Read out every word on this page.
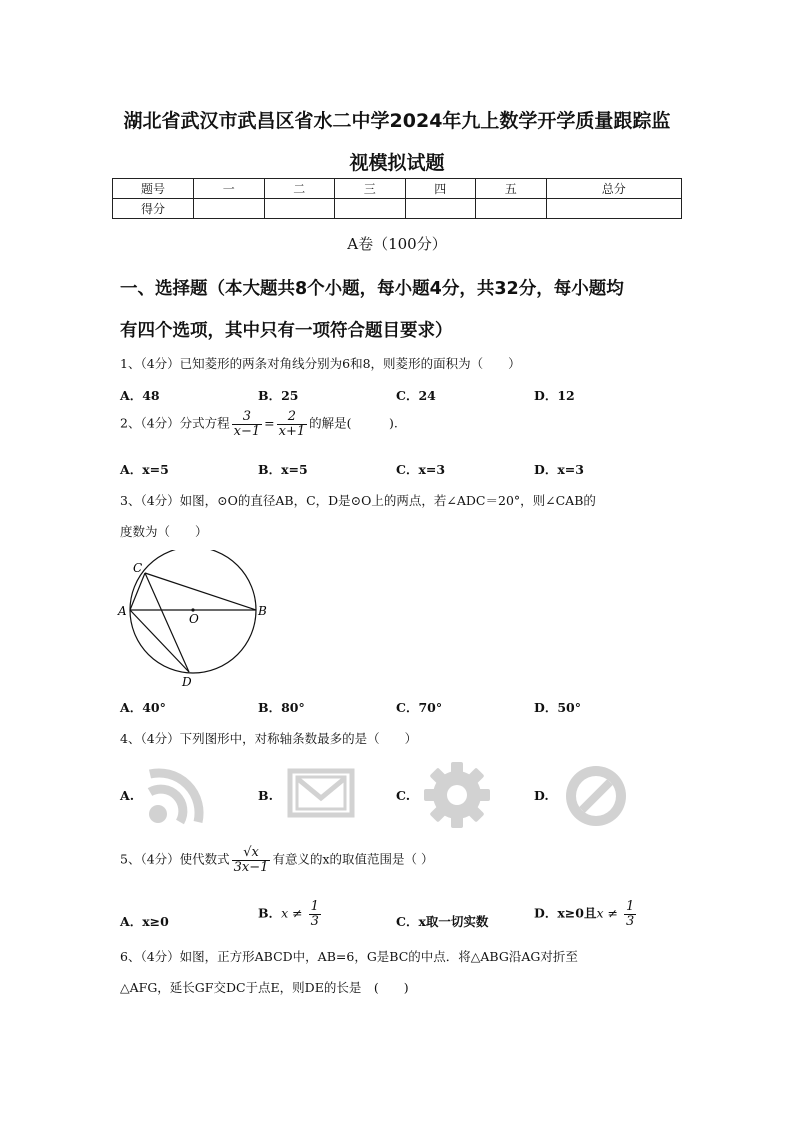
湖北省武汉市武昌区省水二中学2024年九上数学开学质量跟踪监
视模拟试题
题号	一	二	三	四	五	总分
得分						
A卷（100分）
一、选择题（本大题共8个小题，每小题4分，共32分，每小题均
有四个选项，其中只有一项符合题目要求）
1、（4分）已知菱形的两条对角线分别为6和8，则菱形的面积为（　　）
A．48	B．25	C．24	D．12
2、（4分）分式方程 $\frac{3}{x-1} = \frac{2}{x+1}$ 的解是(　　　).
A．x=5	B．x=5	C．x=3	D．x=3
3、（4分）如图，⊙O的直径AB，C，D是⊙O上的两点，若∠ADC＝20°，则∠CAB的
度数为（　　）
C
A	B
O
D
A．40°	B．80°	C．70°	D．50°
4、（4分）下列图形中，对称轴条数最多的是（　　）
A.	B.	C.	D.
5、（4分）使代数式 $\frac{√x}{3x-1}$ 有意义的x的取值范围是（ ）
A．x≥0
B．$x \ne \frac{1}{3}$	C．x取一切实数
D．x≥0且$x \ne \frac{1}{3}$
6、（4分）如图，正方形ABCD中，AB=6，G是BC的中点．将△ABG沿AG对折至
△AFG，延长GF交DC于点E，则DE的长是　(　　)
